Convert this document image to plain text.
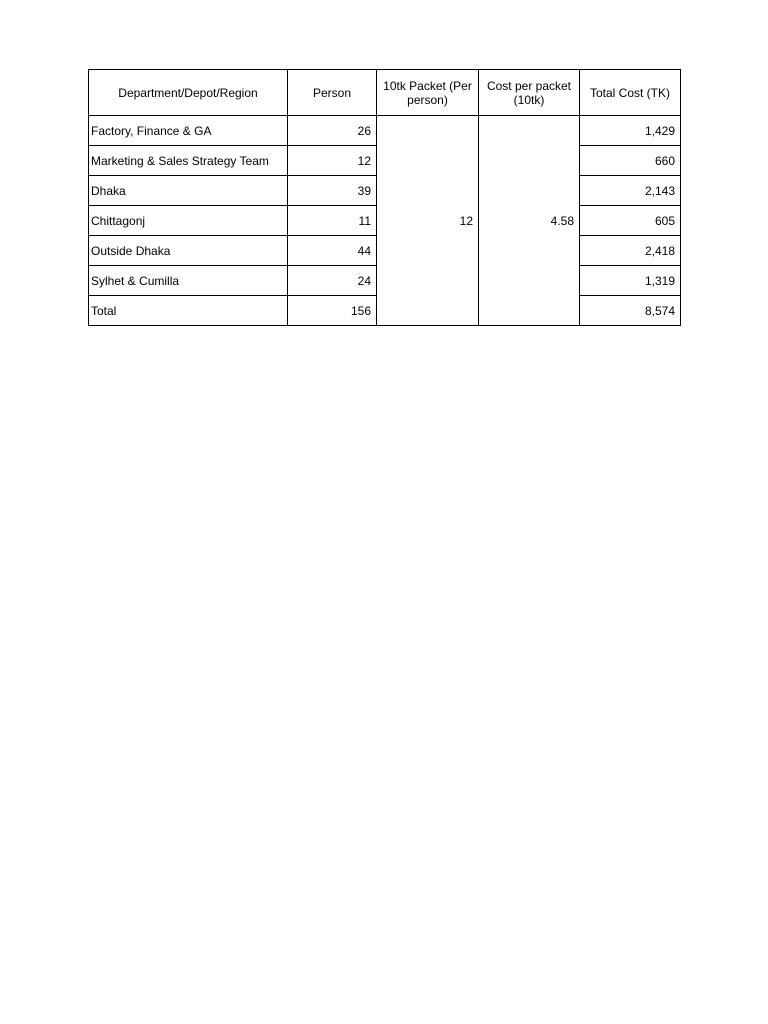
Department/Depot/Region	Person	10tk Packet (Per person)	Cost per packet (10tk)	Total Cost (TK)
Factory, Finance & GA	26	12	4.58	1,429
Marketing & Sales Strategy Team	12			660
Dhaka	39			2,143
Chittagonj	11			605
Outside Dhaka	44			2,418
Sylhet & Cumilla	24			1,319
Total	156			8,574
